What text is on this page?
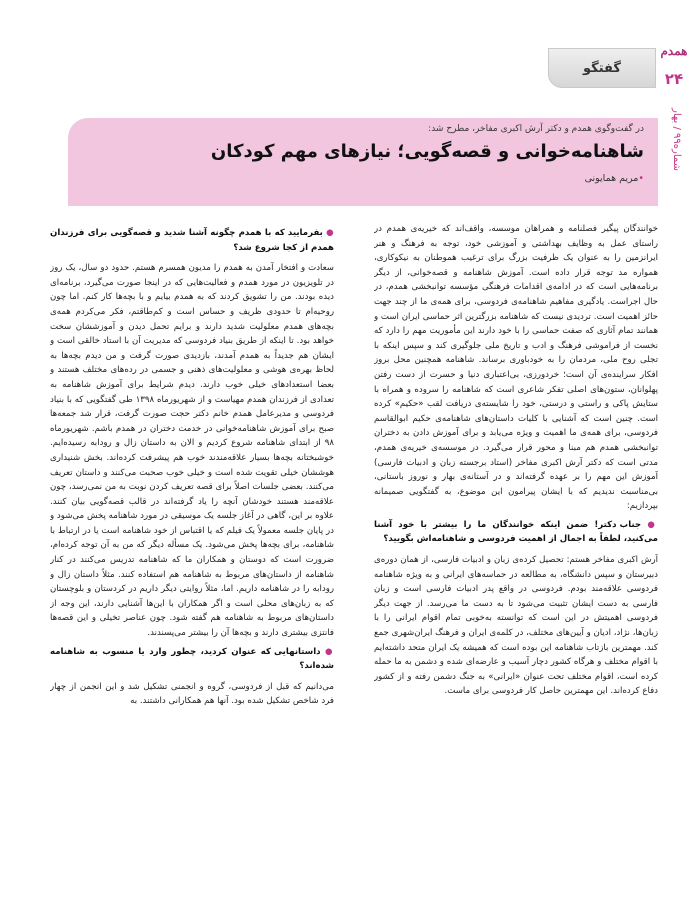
همدم
۲۴
شماره۹۹ / بهار
گفتگو
در گفت‌وگوی همدم و دکتر آرش اکبری مفاخر، مطرح شد:
شاهنامه‌خوانی و قصه‌گویی؛ نیازهای مهم کودکان
•مریم همایونی

خوانندگان پیگیر فصلنامه و همراهان موسسه، واقف‌اند که خیریه‌ی همدم در راستای عمل به وظایف بهداشتی و آموزشی خود، توجه به فرهنگ و هنر ایرانزمین را به عنوان یک ظرفیت بزرگ برای ترغیب هموطنان به نیکوکاری، همواره مد توجه قرار داده است. آموزش شاهنامه و قصه‌خوانی، از دیگر برنامه‌هایی است که در ادامه‌ی اقدامات فرهنگی مؤسسه توانبخشی همدم، در حال اجراست. یادگیری مفاهیم شاهنامه‌ی فردوسی، برای همه‌ی ما از چند جهت حائز اهمیت است. تردیدی نیست که شاهنامه بزرگترین اثر حماسی ایران است و همانند تمام آثاری که صفت حماسی را با خود دارند این مأموریت مهم را دارد که نخست از فراموشی فرهنگ و ادب و تاریخ ملی جلوگیری کند و سپس اینکه با تجلی روح ملی، مردمان را به خودباوری برساند. شاهنامه همچنین محل بروز افکار سراینده‌ی آن است؛ خردورزی، بی‌اعتباری دنیا و حسرت از دست رفتن پهلوانان، ستون‌های اصلی تفکر شاعری است که شاهنامه را سروده و همراه با ستایش پاکی و راستی و درستی، خود را شایسته‌ی دریافت لقب «حکیم» کرده است. چنین است که آشنایی با کلیات داستان‌های شاهنامه‌ی حکیم ابوالقاسم فردوسی، برای همه‌ی ما اهمیت و ویژه می‌یابد و برای آموزش دادن به دختران توانبخشی همدم هم مبنا و محور قرار می‌گیرد. در موسسه‌ی خیریه‌ی همدم، مدتی است که دکتر آرش اکبری مفاخر (استاد برجسته زبان و ادبیات فارسی) آموزش این مهم را بر عهده گرفته‌اند و در آستانه‌ی بهار و نوروز باستانی، بی‌مناسبت ندیدیم که با ایشان پیرامون این موضوع، به گفتگویی صمیمانه بپردازیم:

● جناب دکتر! ضمن اینکه خوانندگان ما را بیشتر با خود آشنا می‌کنید، لطفاً به اجمال از اهمیت فردوسی و شاهنامه‌اش بگویید؟

آرش اکبری مفاخر هستم: تحصیل کرده‌ی زبان و ادبیات فارسی، از همان دوره‌ی دبیرستان و سپس دانشگاه، به مطالعه در حماسه‌های ایرانی و به ویژه شاهنامه فردوسی علاقه‌مند بودم. فردوسی در واقع پدر ادبیات فارسی است و زبان فارسی به دست ایشان تثبیت می‌شود تا به دست ما می‌رسد. از جهت دیگر فردوسی اهمیتش در این است که توانسته به‌خوبی تمام اقوام ایرانی را با زبان‌ها، نژاد، ادیان و آیین‌های مختلف، در کلمه‌ی ایران و فرهنگ ایران‌شهری جمع کند. مهمترین بازتاب شاهنامه این بوده است که همیشه یک ایران متحد داشته‌ایم با اقوام مختلف و هرگاه کشور دچار آسیب و عارضه‌ای شده و دشمن به ما حمله کرده است، اقوام مختلف تحت عنوان «ایرانی» به جنگ دشمن رفته و از کشور دفاع کرده‌اند. این مهمترین حاصل کار فردوسی برای ماست.

● بفرمایید که با همدم چگونه آشنا شدید و قصه‌گویی برای فرزندان همدم از کجا شروع شد؟

سعادت و افتخار آمدن به همدم را مدیون همسرم هستم. حدود دو سال، یک روز در تلویزیون در مورد همدم و فعالیت‌هایی که در اینجا صورت می‌گیرد، برنامه‌ای دیده بودند. من را تشویق کردند که به همدم بیایم و با بچه‌ها کار کنم. اما چون روحیه‌ام تا حدودی ظریف و حساس است و کم‌طاقتم، فکر می‌کردم همه‌ی بچه‌های همدم معلولیت شدید دارند و برایم تحمل دیدن و آموزششان سخت خواهد بود. تا اینکه از طریق بنیاد فردوسی که مدیریت آن با استاد خالقی است و ایشان هم جدیداً به همدم آمدند، بازدیدی صورت گرفت و من دیدم بچه‌ها به لحاظ بهره‌ی هوشی و معلولیت‌های ذهنی و جسمی در رده‌های مختلف هستند و بعضا استعدادهای خیلی خوب دارند. دیدم شرایط برای آموزش شاهنامه به تعدادی از فرزندان همدم مهیاست و از شهریورماه ۱۳۹۸ طی گفتگویی که با بنیاد فردوسی و مدیرعامل همدم خانم دکتر حجت صورت گرفت، قرار شد جمعه‌ها صبح برای آموزش شاهنامه‌خوانی در خدمت دختران در همدم باشم. شهریورماه ۹۸ از ابتدای شاهنامه شروع کردیم و الان به داستان زال و رودابه رسیده‌ایم. خوشبختانه بچه‌ها بسیار علاقه‌مندند خوب هم پیشرفت کرده‌اند. بخش شنیداری هوششان خیلی تقویت شده است و خیلی خوب صحبت می‌کنند و داستان تعریف می‌کنند. بعضی جلسات اصلاً برای قصه تعریف کردن نوبت به من نمی‌رسد، چون علاقه‌مند هستند خودشان آنچه را یاد گرفته‌اند در قالب قصه‌گویی بیان کنند. علاوه بر این، گاهی در آغاز جلسه یک موسیقی در مورد شاهنامه پخش می‌شود و در پایان جلسه معمولاً یک فیلم که یا اقتباس از خود شاهنامه است یا در ارتباط با شاهنامه، برای بچه‌ها پخش می‌شود. یک مسأله دیگر که من به آن توجه کرده‌ام، ضرورت است که دوستان و همکاران ما که شاهنامه تدریس می‌کنند در کنار شاهنامه از داستان‌های مربوط به شاهنامه هم استفاده کنند. مثلاً داستان زال و رودابه را در شاهنامه داریم. اما، مثلاً روایتی دیگر داریم در کردستان و بلوچستان که به زبان‌های محلی است و اگر همکاران با این‌ها آشنایی دارند، این وجه از داستان‌های مربوط به شاهنامه هم گفته شود. چون عناصر تخیلی و این قصه‌ها فانتزی بیشتری دارند و بچه‌ها آن را بیشتر می‌پسندند.

● داستانهایی که عنوان کردید، چطور وارد یا منسوب به شاهنامه شده‌اند؟

می‌دانیم که قبل از فردوسی، گروه و انجمنی تشکیل شد و این انجمن از چهار فرد شاخص تشکیل شده بود. آنها هم همکارانی داشتند. به
